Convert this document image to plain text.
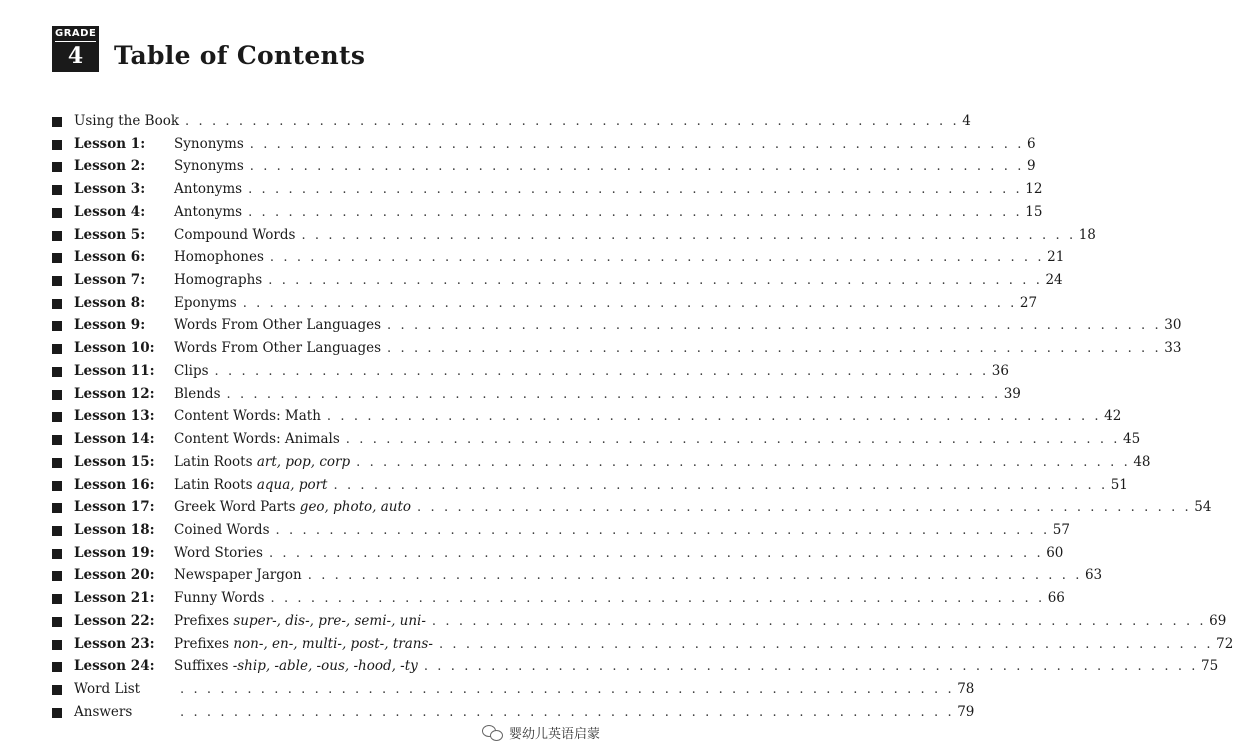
GRADE
4	Table of Contents
Using the Book . . . . . . . . . . . . . . . . . . . . . . . . . . . . . . . . . . . . . . . . . . . . . . . . . . . . . . . . . . 4
Lesson 1: Synonyms . . . . . . . . . . . . . . . . . . . . . . . . . . . . . . . . . . . . . . . . . . . . . . . . . . . . . . . . . . 6
Lesson 2: Synonyms . . . . . . . . . . . . . . . . . . . . . . . . . . . . . . . . . . . . . . . . . . . . . . . . . . . . . . . . . . 9
Lesson 3: Antonyms . . . . . . . . . . . . . . . . . . . . . . . . . . . . . . . . . . . . . . . . . . . . . . . . . . . . . . . . . . 12
Lesson 4: Antonyms . . . . . . . . . . . . . . . . . . . . . . . . . . . . . . . . . . . . . . . . . . . . . . . . . . . . . . . . . . 15
Lesson 5: Compound Words . . . . . . . . . . . . . . . . . . . . . . . . . . . . . . . . . . . . . . . . . . . . . . . . . . . . . . . . . . 18
Lesson 6: Homophones . . . . . . . . . . . . . . . . . . . . . . . . . . . . . . . . . . . . . . . . . . . . . . . . . . . . . . . . . . 21
Lesson 7: Homographs . . . . . . . . . . . . . . . . . . . . . . . . . . . . . . . . . . . . . . . . . . . . . . . . . . . . . . . . . . 24
Lesson 8: Eponyms . . . . . . . . . . . . . . . . . . . . . . . . . . . . . . . . . . . . . . . . . . . . . . . . . . . . . . . . . . 27
Lesson 9: Words From Other Languages . . . . . . . . . . . . . . . . . . . . . . . . . . . . . . . . . . . . . . . . . . . . . . . . . . . . . . . . . . 30
Lesson 10: Words From Other Languages . . . . . . . . . . . . . . . . . . . . . . . . . . . . . . . . . . . . . . . . . . . . . . . . . . . . . . . . . . 33
Lesson 11: Clips . . . . . . . . . . . . . . . . . . . . . . . . . . . . . . . . . . . . . . . . . . . . . . . . . . . . . . . . . . 36
Lesson 12: Blends . . . . . . . . . . . . . . . . . . . . . . . . . . . . . . . . . . . . . . . . . . . . . . . . . . . . . . . . . . 39
Lesson 13: Content Words: Math . . . . . . . . . . . . . . . . . . . . . . . . . . . . . . . . . . . . . . . . . . . . . . . . . . . . . . . . . . 42
Lesson 14: Content Words: Animals . . . . . . . . . . . . . . . . . . . . . . . . . . . . . . . . . . . . . . . . . . . . . . . . . . . . . . . . . . 45
Lesson 15: Latin Roots art, pop, corp . . . . . . . . . . . . . . . . . . . . . . . . . . . . . . . . . . . . . . . . . . . . . . . . . . . . . . . . . . 48
Lesson 16: Latin Roots aqua, port . . . . . . . . . . . . . . . . . . . . . . . . . . . . . . . . . . . . . . . . . . . . . . . . . . . . . . . . . . 51
Lesson 17: Greek Word Parts geo, photo, auto . . . . . . . . . . . . . . . . . . . . . . . . . . . . . . . . . . . . . . . . . . . . . . . . . . . . . . . . . . 54
Lesson 18: Coined Words . . . . . . . . . . . . . . . . . . . . . . . . . . . . . . . . . . . . . . . . . . . . . . . . . . . . . . . . . . 57
Lesson 19: Word Stories . . . . . . . . . . . . . . . . . . . . . . . . . . . . . . . . . . . . . . . . . . . . . . . . . . . . . . . . . . 60
Lesson 20: Newspaper Jargon . . . . . . . . . . . . . . . . . . . . . . . . . . . . . . . . . . . . . . . . . . . . . . . . . . . . . . . . . . 63
Lesson 21: Funny Words . . . . . . . . . . . . . . . . . . . . . . . . . . . . . . . . . . . . . . . . . . . . . . . . . . . . . . . . . . 66
Lesson 22: Prefixes super-, dis-, pre-, semi-, uni- . . . . . . . . . . . . . . . . . . . . . . . . . . . . . . . . . . . . . . . . . . . . . . . . . . . . . . . . . . 69
Lesson 23: Prefixes non-, en-, multi-, post-, trans- . . . . . . . . . . . . . . . . . . . . . . . . . . . . . . . . . . . . . . . . . . . . . . . . . . . . . . . . . . 72
Lesson 24: Suffixes -ship, -able, -ous, -hood, -ty . . . . . . . . . . . . . . . . . . . . . . . . . . . . . . . . . . . . . . . . . . . . . . . . . . . . . . . . . . 75
Word List	. . . . . . . . . . . . . . . . . . . . . . . . . . . . . . . . . . . . . . . . . . . . . . . . . . . . . . . . . . 78
Answers	. . . . . . . . . . . . . . . . . . . . . . . . . . . . . . . . . . . . . . . . . . . . . . . . . . . . . . . . . . 79
婴幼儿英语启蒙
